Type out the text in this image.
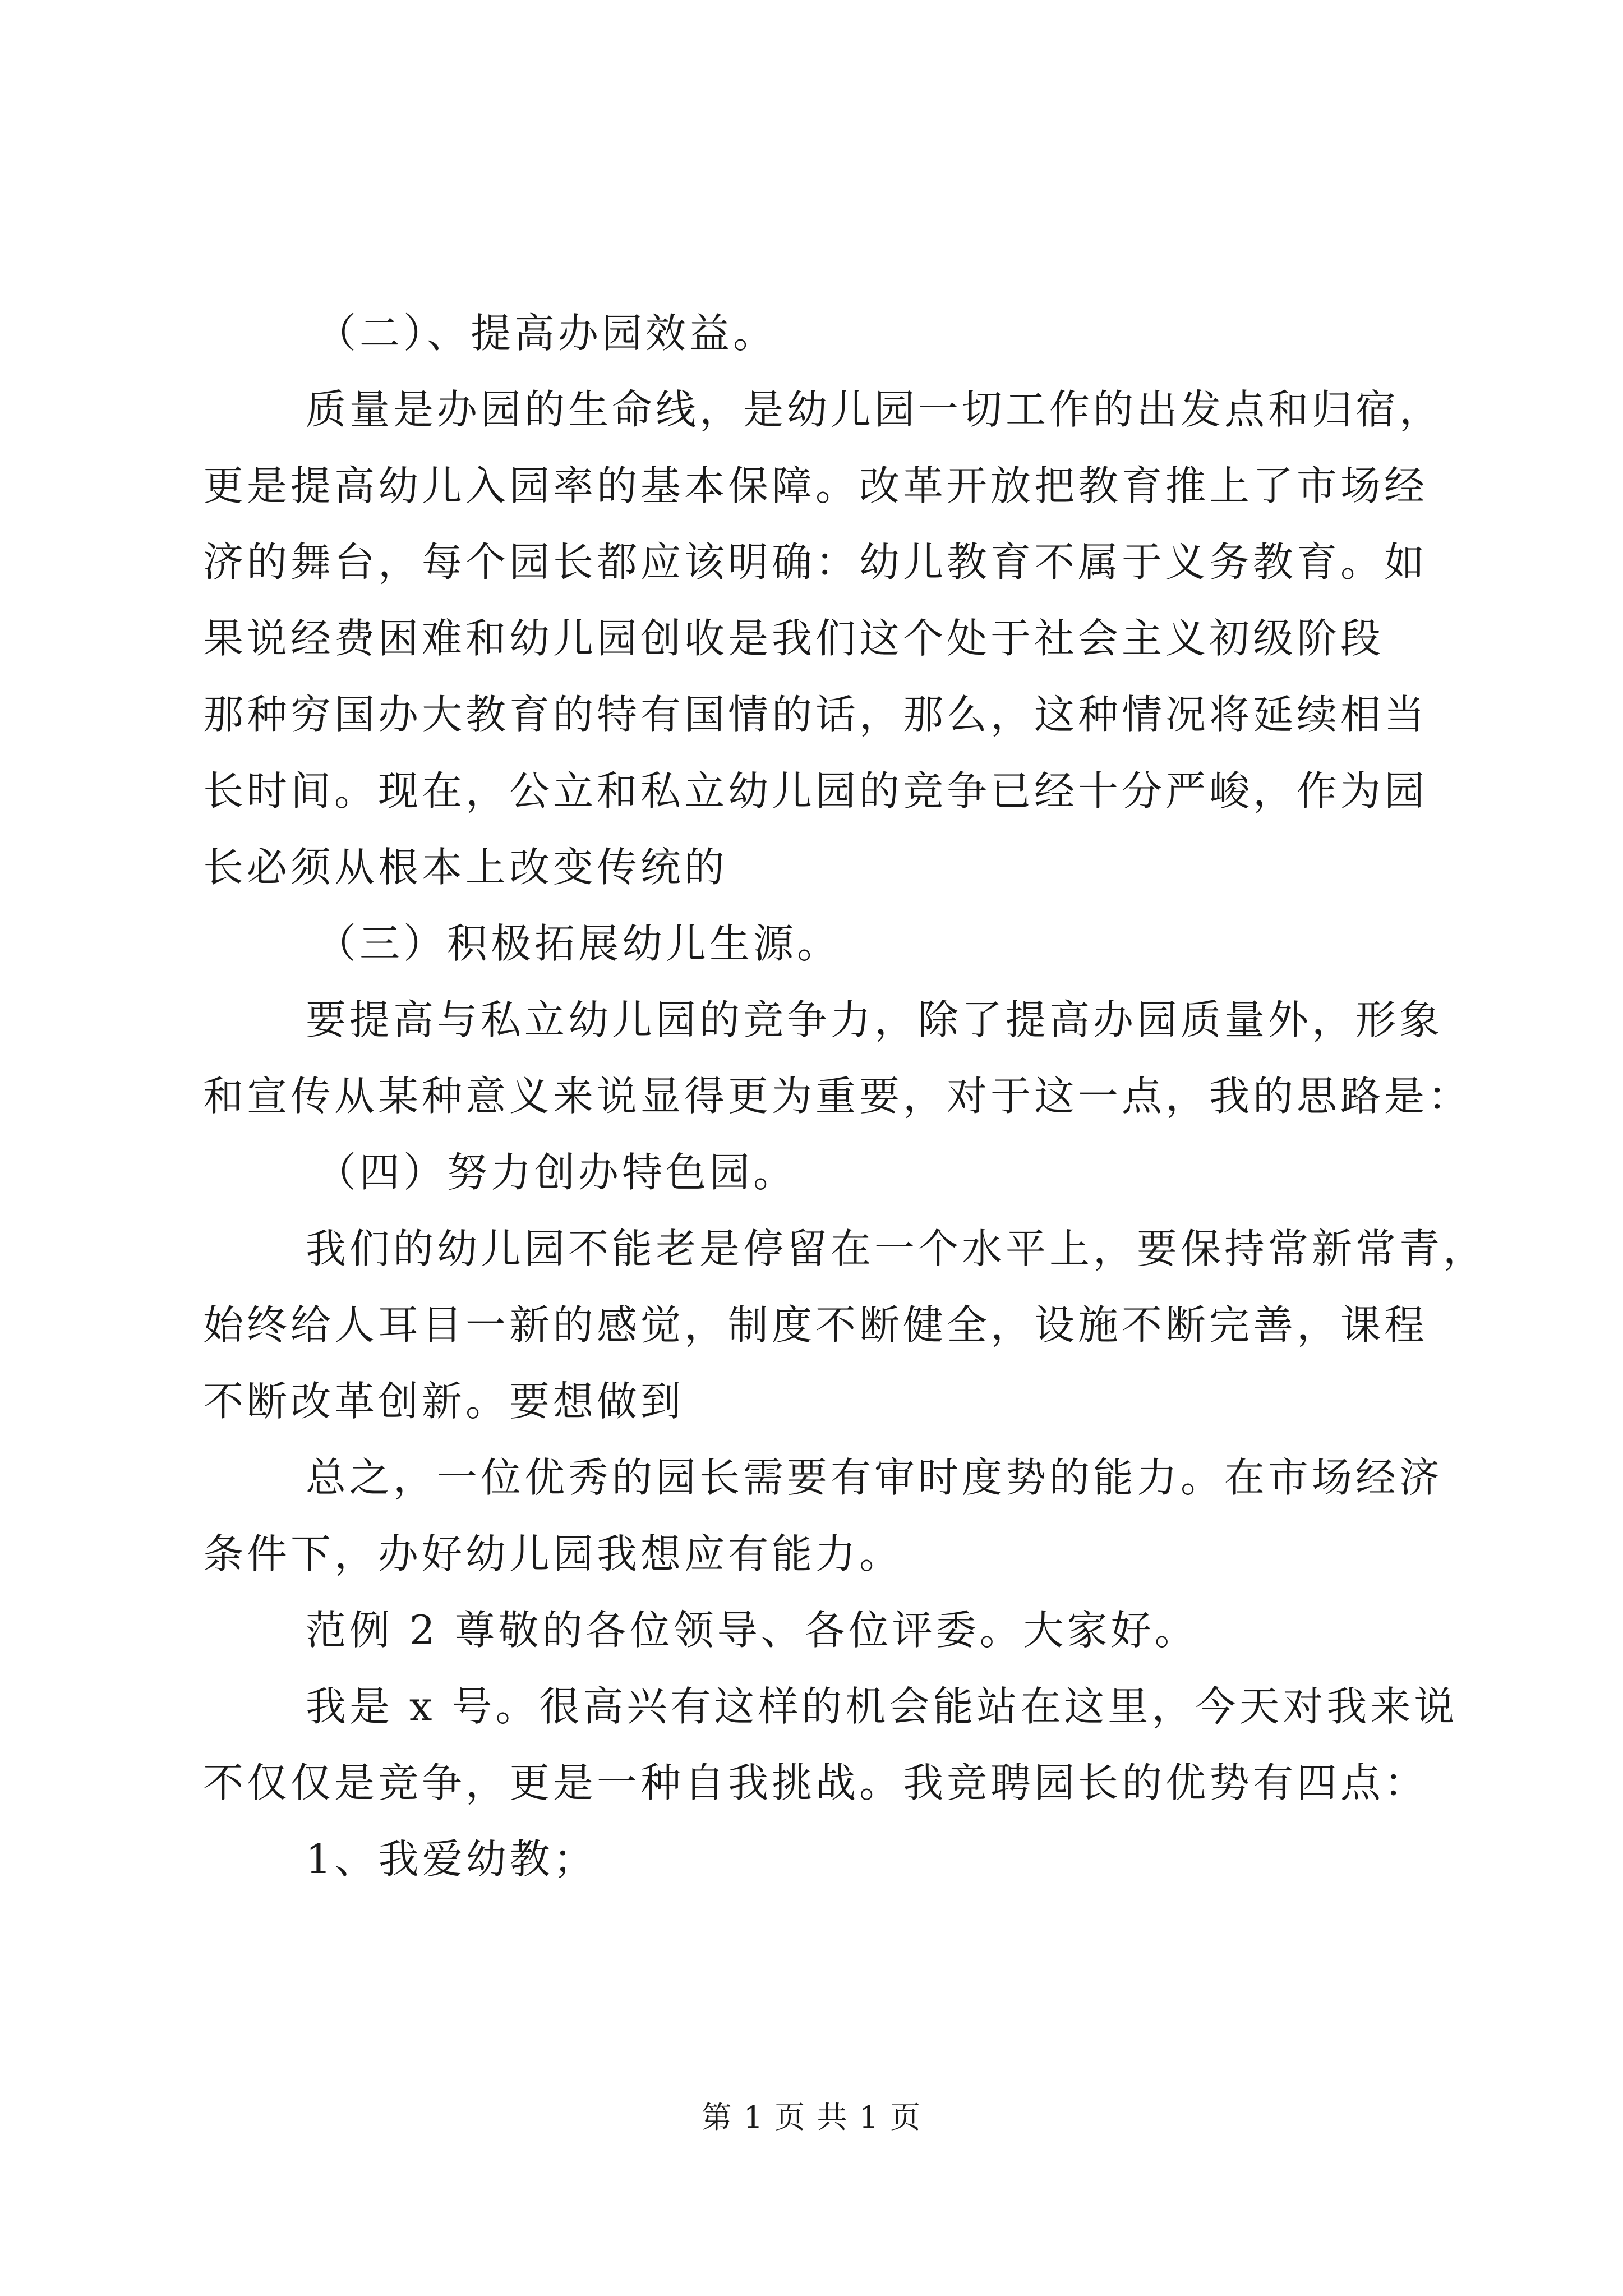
（二）、提高办园效益。
质量是办园的生命线，是幼儿园一切工作的出发点和归宿，
更是提高幼儿入园率的基本保障。改革开放把教育推上了市场经
济的舞台，每个园长都应该明确：幼儿教育不属于义务教育。如
果说经费困难和幼儿园创收是我们这个处于社会主义初级阶段
那种穷国办大教育的特有国情的话，那么，这种情况将延续相当
长时间。现在，公立和私立幼儿园的竞争已经十分严峻，作为园
长必须从根本上改变传统的
（三）积极拓展幼儿生源。
要提高与私立幼儿园的竞争力，除了提高办园质量外，形象
和宣传从某种意义来说显得更为重要，对于这一点，我的思路是：
（四）努力创办特色园。
我们的幼儿园不能老是停留在一个水平上，要保持常新常青，
始终给人耳目一新的感觉，制度不断健全，设施不断完善，课程
不断改革创新。要想做到
总之，一位优秀的园长需要有审时度势的能力。在市场经济
条件下，办好幼儿园我想应有能力。
范例 2 尊敬的各位领导、各位评委。大家好。
我是 x 号。很高兴有这样的机会能站在这里，今天对我来说
不仅仅是竞争，更是一种自我挑战。我竞聘园长的优势有四点：
1、我爱幼教；
第 1 页 共 1 页
